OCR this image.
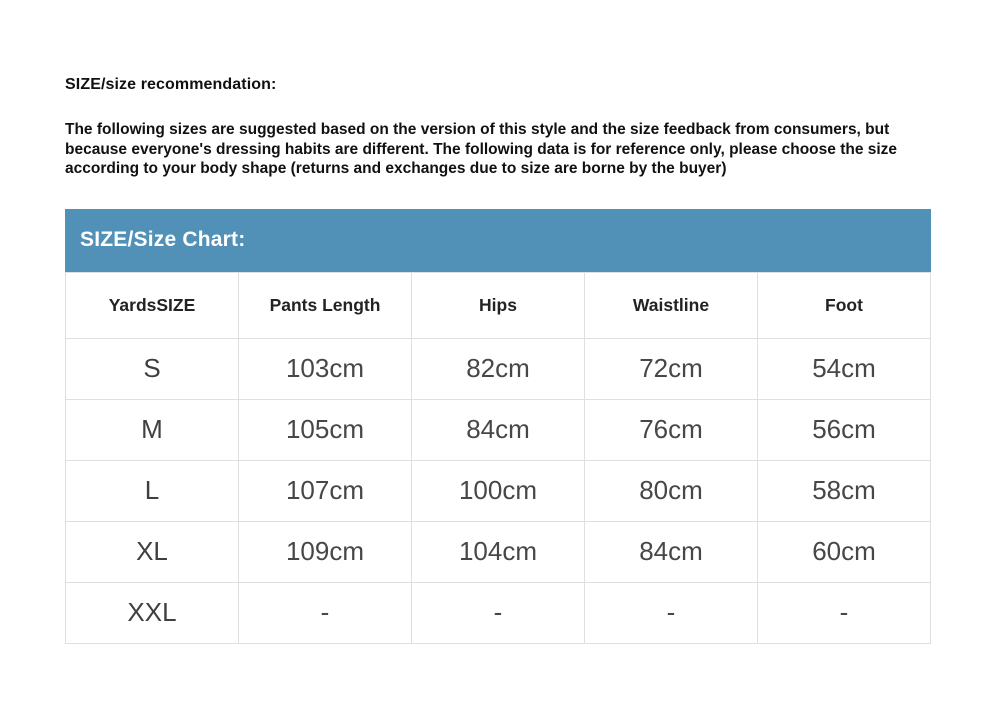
SIZE/size recommendation:

The following sizes are suggested based on the version of this style and the size feedback from consumers, but because everyone's dressing habits are different. The following data is for reference only, please choose the size according to your body shape (returns and exchanges due to size are borne by the buyer)

SIZE/Size Chart:
YardsSIZE	Pants Length	Hips	Waistline	Foot
S	103cm	82cm	72cm	54cm
M	105cm	84cm	76cm	56cm
L	107cm	100cm	80cm	58cm
XL	109cm	104cm	84cm	60cm
XXL	-	-	-	-
